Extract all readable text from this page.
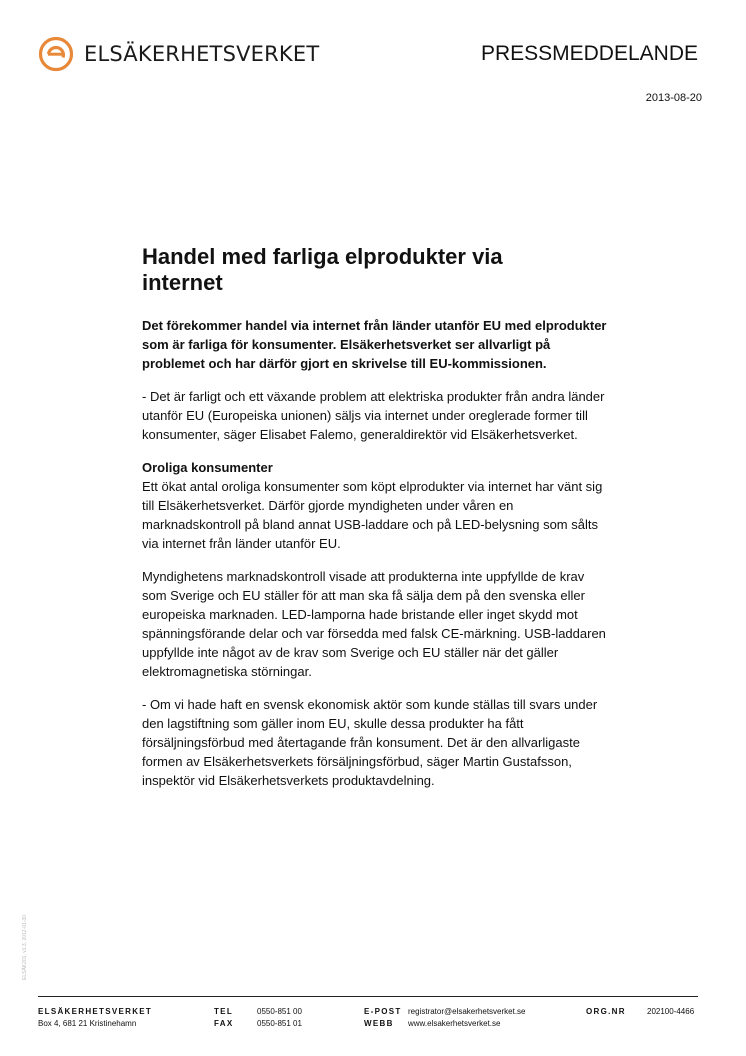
ELSÄKERHETSVERKET	PRESSMEDDELANDE
2013-08-20
Handel med farliga elprodukter via internet

Det förekommer handel via internet från länder utanför EU med elprodukter som är farliga för konsumenter. Elsäkerhetsverket ser allvarligt på problemet och har därför gjort en skrivelse till EU-kommissionen.

- Det är farligt och ett växande problem att elektriska produkter från andra länder utanför EU (Europeiska unionen) säljs via internet under oreglerade former till konsumenter, säger Elisabet Falemo, generaldirektör vid Elsäkerhetsverket.

Oroliga konsumenter
Ett ökat antal oroliga konsumenter som köpt elprodukter via internet har vänt sig till Elsäkerhetsverket. Därför gjorde myndigheten under våren en marknadskontroll på bland annat USB-laddare och på LED-belysning som sålts via internet från länder utanför EU.

Myndighetens marknadskontroll visade att produkterna inte uppfyllde de krav som Sverige och EU ställer för att man ska få sälja dem på den svenska eller europeiska marknaden. LED-lamporna hade bristande eller inget skydd mot spänningsförande delar och var försedda med falsk CE-märkning. USB-laddaren uppfyllde inte något av de krav som Sverige och EU ställer när det gäller elektromagnetiska störningar.

- Om vi hade haft en svensk ekonomisk aktör som kunde ställas till svars under den lagstiftning som gäller inom EU, skulle dessa produkter ha fått försäljningsförbud med återtagande från konsument. Det är den allvarligaste formen av Elsäkerhetsverkets försäljningsförbud, säger Martin Gustafsson, inspektör vid Elsäkerhetsverkets produktavdelning.

ELSÄK201, v1.3, 2012-01-30
ELSÄKERHETSVERKET
Box 4, 681 21 Kristinehamn
TEL
FAX
0550-851 00
0550-851 01
E-POST
WEBB
registrator@elsakerhetsverket.se
www.elsakerhetsverket.se
ORG.NR	202100-4466
